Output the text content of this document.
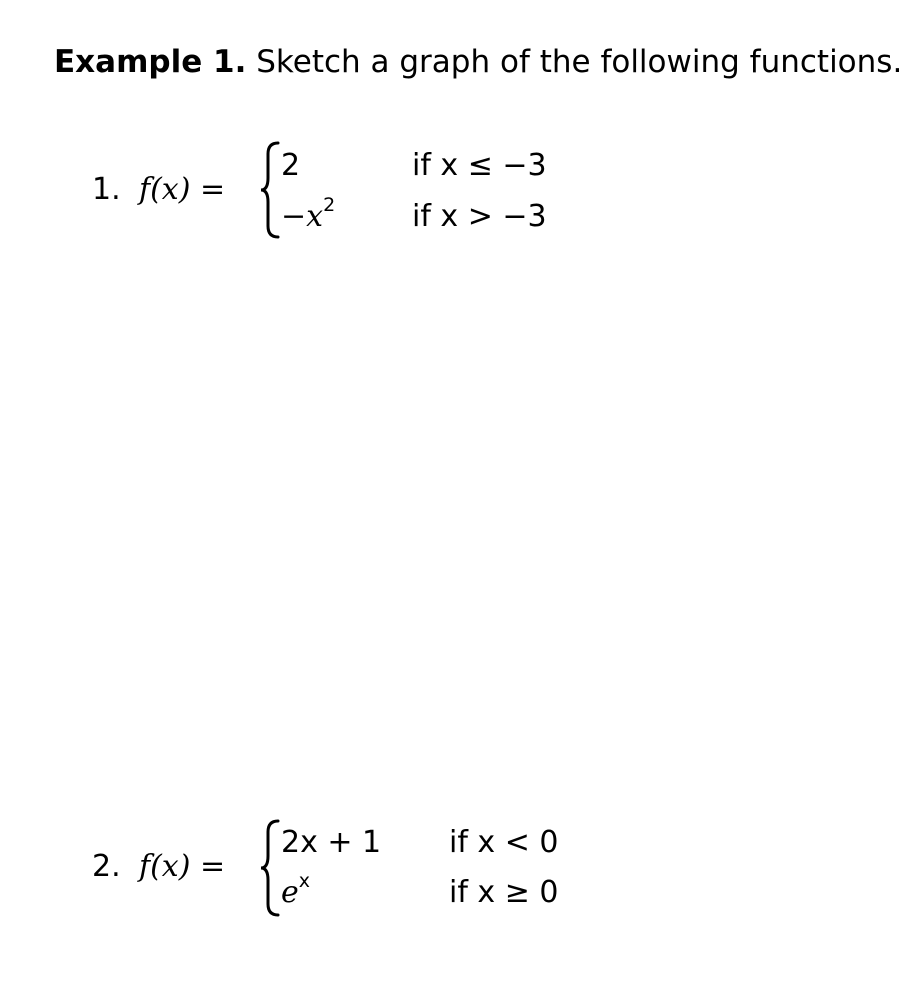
Example 1. Sketch a graph of the following functions.
1. f(x) =
2	if x ≤ −3
$-x^2$	if x > −3
2. f(x) =
2x + 1 if x < 0
$e^x$	if x ≥ 0
